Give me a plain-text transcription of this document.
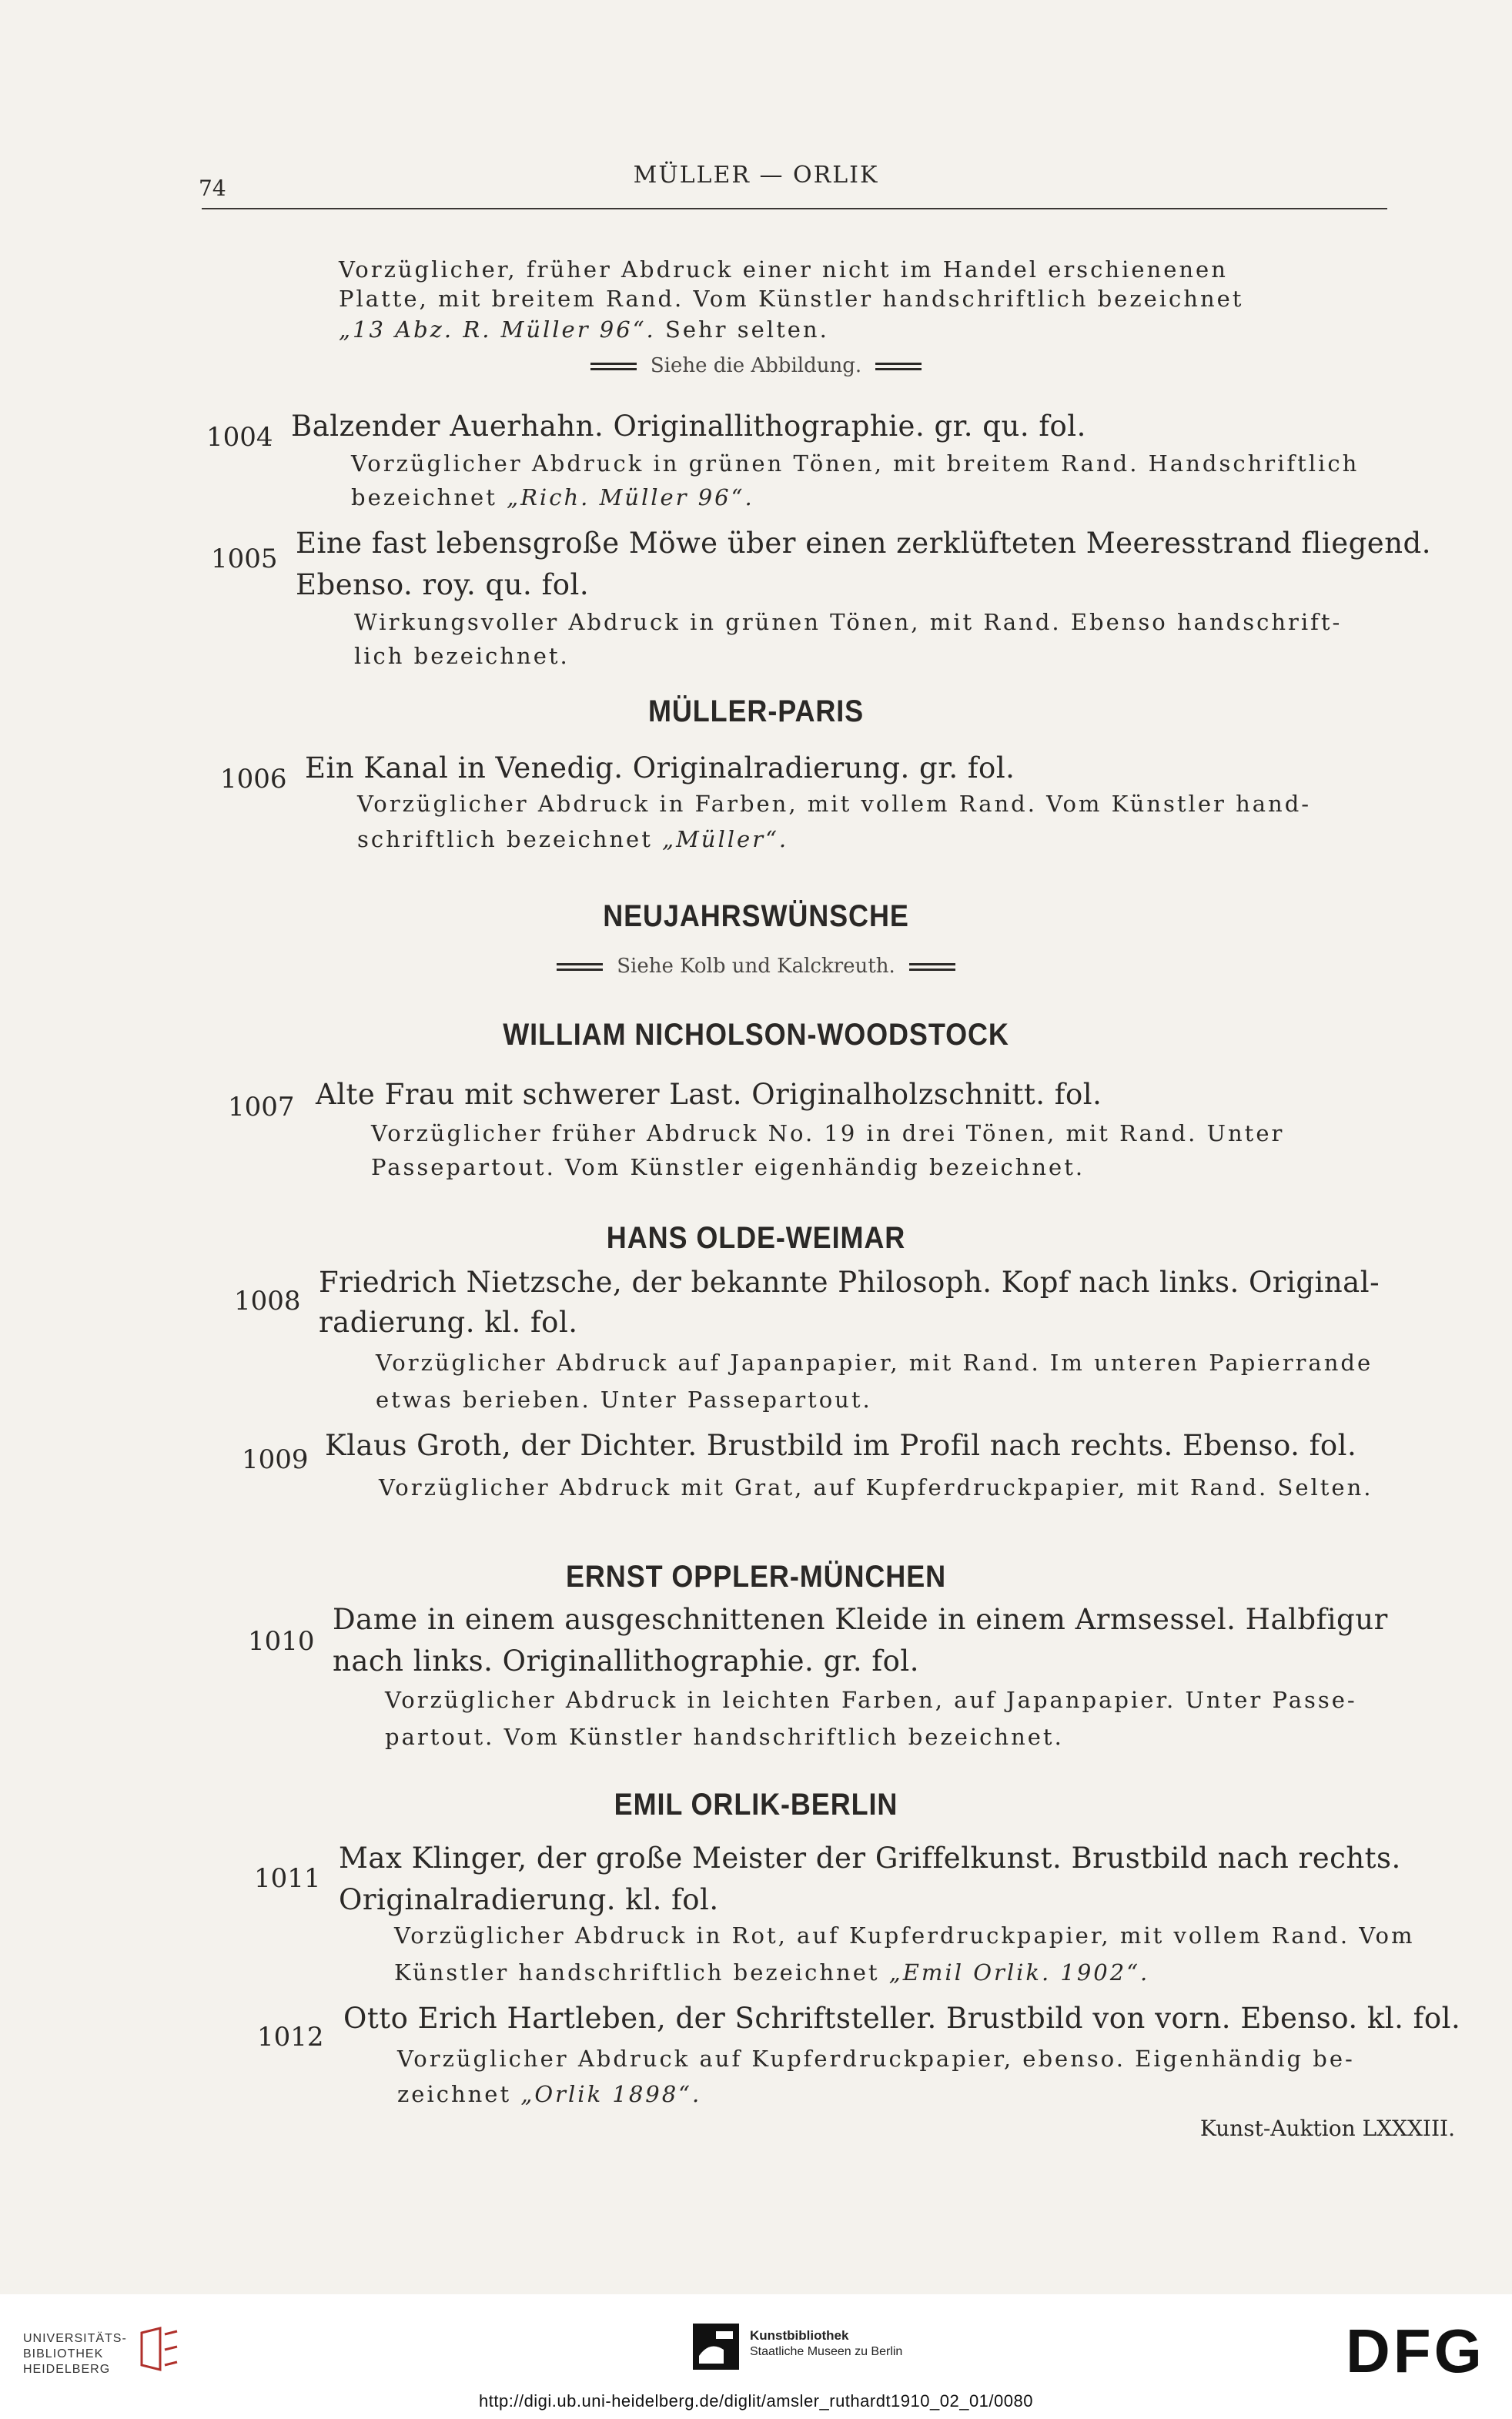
74	MÜLLER — ORLIK
Vorzüglicher, früher Abdruck einer nicht im Handel erschienenen
Platte, mit breitem Rand. Vom Künstler handschriftlich bezeichnet
„13 Abz. R. Müller 96“. Sehr selten.
Siehe die Abbildung.
1004 Balzender Auerhahn. Originallithographie. gr. qu. fol.
Vorzüglicher Abdruck in grünen Tönen, mit breitem Rand. Handschriftlich
bezeichnet „Rich. Müller 96“.
1005 Eine fast lebensgroße Möwe über einen zerklüfteten Meeresstrand fliegend.
Ebenso. roy. qu. fol.
Wirkungsvoller Abdruck in grünen Tönen, mit Rand. Ebenso handschrift-
lich bezeichnet.
MÜLLER-PARIS
1006 Ein Kanal in Venedig. Originalradierung. gr. fol.
Vorzüglicher Abdruck in Farben, mit vollem Rand. Vom Künstler hand-
schriftlich bezeichnet „Müller“.
NEUJAHRSWÜNSCHE
Siehe Kolb und Kalckreuth.
WILLIAM NICHOLSON-WOODSTOCK
1007 Alte Frau mit schwerer Last. Originalholzschnitt. fol.
Vorzüglicher früher Abdruck No. 19 in drei Tönen, mit Rand. Unter
Passepartout. Vom Künstler eigenhändig bezeichnet.
HANS OLDE-WEIMAR
1008
Friedrich Nietzsche, der bekannte Philosoph. Kopf nach links. Original-
radierung. kl. fol.
Vorzüglicher Abdruck auf Japanpapier, mit Rand. Im unteren Papierrande
etwas berieben. Unter Passepartout.
1009 Klaus Groth, der Dichter. Brustbild im Profil nach rechts. Ebenso. fol.
Vorzüglicher Abdruck mit Grat, auf Kupferdruckpapier, mit Rand. Selten.
ERNST OPPLER-MÜNCHEN
1010
Dame in einem ausgeschnittenen Kleide in einem Armsessel. Halbfigur
nach links. Originallithographie. gr. fol.
Vorzüglicher Abdruck in leichten Farben, auf Japanpapier. Unter Passe-
partout. Vom Künstler handschriftlich bezeichnet.
EMIL ORLIK-BERLIN
1011
Max Klinger, der große Meister der Griffelkunst. Brustbild nach rechts.
Originalradierung. kl. fol.
Vorzüglicher Abdruck in Rot, auf Kupferdruckpapier, mit vollem Rand. Vom
Künstler handschriftlich bezeichnet „Emil Orlik. 1902“.
1012
Otto Erich Hartleben, der Schriftsteller. Brustbild von vorn. Ebenso. kl. fol.
Vorzüglicher Abdruck auf Kupferdruckpapier, ebenso. Eigenhändig be-
zeichnet „Orlik 1898“.
Kunst-Auktion LXXXIII.
UNIVERSITÄTS-
BIBLIOTHEK
HEIDELBERG
Kunstbibliothek
Staatliche Museen zu Berlin	DFG
http://digi.ub.uni-heidelberg.de/diglit/amsler_ruthardt1910_02_01/0080
